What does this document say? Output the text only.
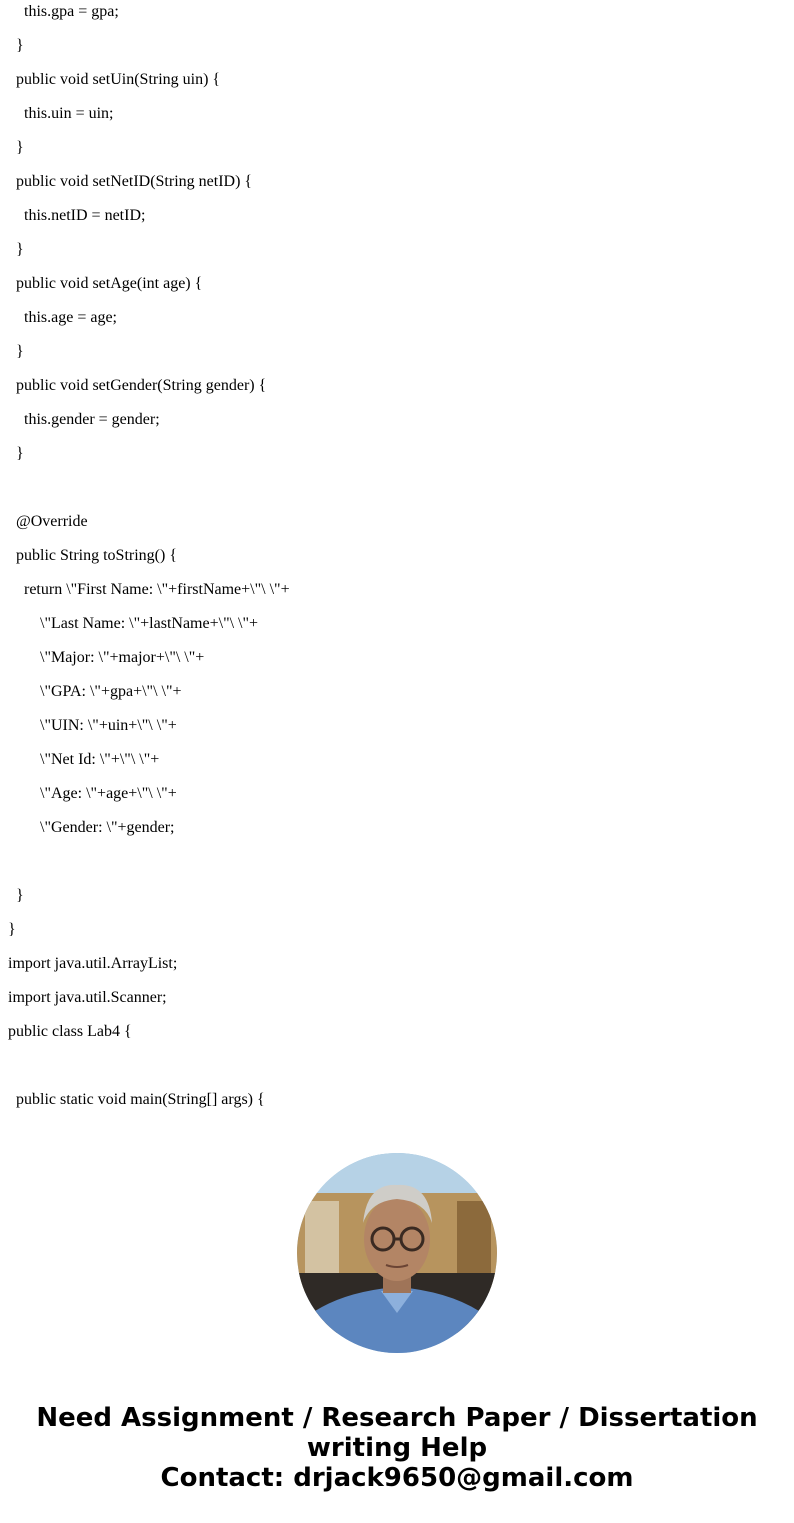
this.gpa = gpa;
}
public void setUin(String uin) {
this.uin = uin;
}
public void setNetID(String netID) {
this.netID = netID;
}
public void setAge(int age) {
this.age = age;
}
public void setGender(String gender) {
this.gender = gender;
}
@Override
public String toString() {
return \"First Name: \"+firstName+\"\ \"+
\"Last Name: \"+lastName+\"\ \"+
\"Major: \"+major+\"\ \"+
\"GPA: \"+gpa+\"\ \"+
\"UIN: \"+uin+\"\ \"+
\"Net Id: \"+\"\ \"+
\"Age: \"+age+\"\ \"+
\"Gender: \"+gender;
}
}
import java.util.ArrayList;
import java.util.Scanner;
public class Lab4 {
public static void main(String[] args) {
Need Assignment / Research Paper / Dissertation
writing Help
Contact: drjack9650@gmail.com
